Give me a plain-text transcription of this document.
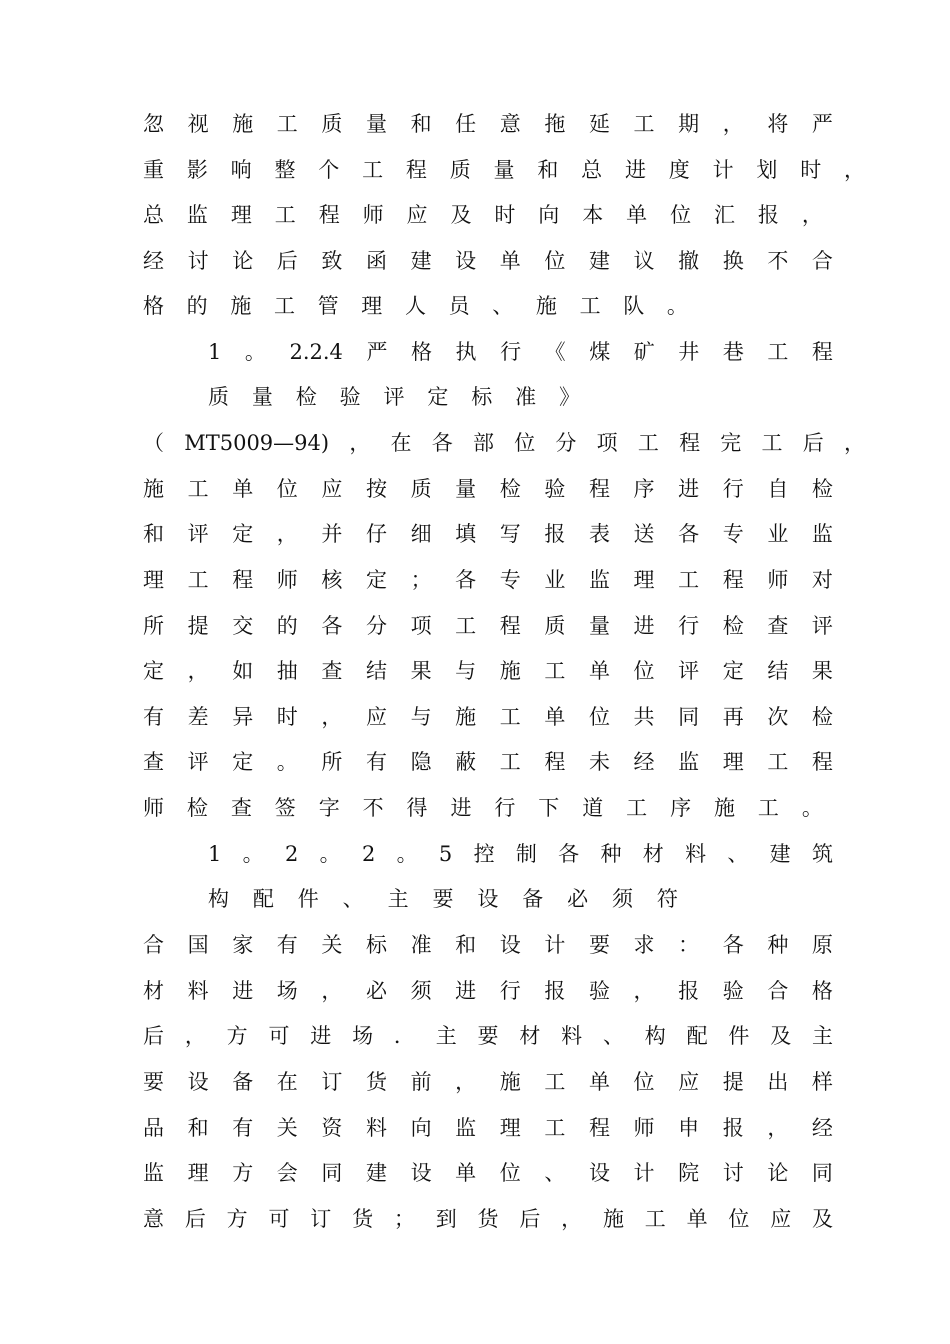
忽 视 施 工 质 量 和 任 意 拖 延 工 期 ， 将 严
重 影 响 整 个 工 程 质 量 和 总 进 度 计 划 时 ，
总 监 理 工 程 师 应 及 时 向 本 单 位 汇 报 ，
经 讨 论 后 致 函 建 设 单 位 建 议 撤 换 不 合
格 的 施 工 管 理 人 员 、 施 工 队 。
1 。 2.2.4 严 格 执 行 《 煤 矿 井 巷 工 程
质 量 检 验 评 定 标 准 》
（ MT5009—94) ， 在 各 部 位 分 项 工 程 完 工 后 ，
施 工 单 位 应 按 质 量 检 验 程 序 进 行 自 检
和 评 定 ， 并 仔 细 填 写 报 表 送 各 专 业 监
理 工 程 师 核 定 ； 各 专 业 监 理 工 程 师 对
所 提 交 的 各 分 项 工 程 质 量 进 行 检 查 评
定 ， 如 抽 查 结 果 与 施 工 单 位 评 定 结 果
有 差 异 时 ， 应 与 施 工 单 位 共 同 再 次 检
查 评 定 。 所 有 隐 蔽 工 程 未 经 监 理 工 程
师 检 查 签 字 不 得 进 行 下 道 工 序 施 工 。
1 。 2 。 2 。 5 控 制 各 种 材 料 、 建 筑
构 配 件 、 主 要 设 备 必 须 符
合 国 家 有 关 标 准 和 设 计 要 求 ： 各 种 原
材 料 进 场 ， 必 须 进 行 报 验 ， 报 验 合 格
后 ， 方 可 进 场 ． 主 要 材 料 、 构 配 件 及 主
要 设 备 在 订 货 前 ， 施 工 单 位 应 提 出 样
品 和 有 关 资 料 向 监 理 工 程 师 申 报 ， 经
监 理 方 会 同 建 设 单 位 、 设 计 院 讨 论 同
意 后 方 可 订 货 ； 到 货 后 ， 施 工 单 位 应 及
